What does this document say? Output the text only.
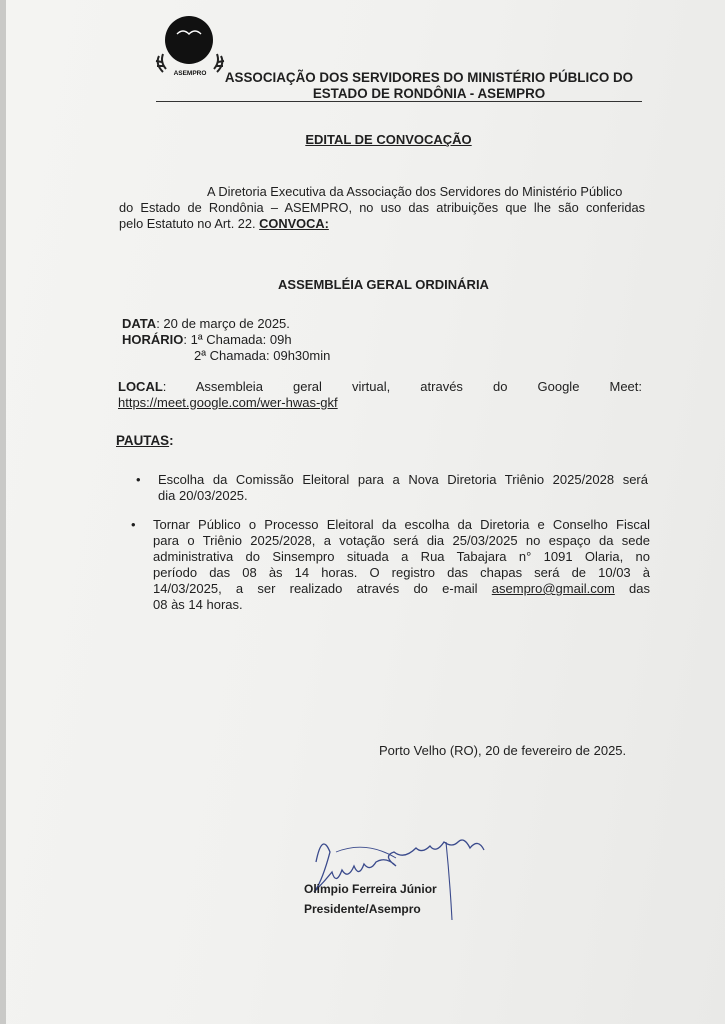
ASEMPRO ASSOCIAÇÃO DOS SERVIDORES DO MINISTÉRIO PÚBLICO DO
ESTADO DE RONDÔNIA - ASEMPRO
EDITAL DE CONVOCAÇÃO
A Diretoria Executiva da Associação dos Servidores do Ministério Público
do Estado de Rondônia – ASEMPRO, no uso das atribuições que lhe são conferidas
pelo Estatuto no Art. 22. CONVOCA:
ASSEMBLÉIA GERAL ORDINÁRIA
DATA: 20 de março de 2025.
HORÁRIO: 1ª Chamada: 09h
2ª Chamada: 09h30min
LOCAL: Assembleia geral virtual, através do Google Meet:
https://meet.google.com/wer-hwas-gkf
PAUTAS:
• Escolha da Comissão Eleitoral para a Nova Diretoria Triênio 2025/2028 será
dia 20/03/2025.
• Tornar Público o Processo Eleitoral da escolha da Diretoria e Conselho Fiscal
para o Triênio 2025/2028, a votação será dia 25/03/2025 no espaço da sede
administrativa do Sinsempro situada a Rua Tabajara n° 1091 Olaria, no
período das 08 às 14 horas. O registro das chapas será de 10/03 à
14/03/2025, a ser realizado através do e-mail asempro@gmail.com das
08 às 14 horas.
Porto Velho (RO), 20 de fevereiro de 2025.
Olimpio Ferreira Júnior
Presidente/Asempro
